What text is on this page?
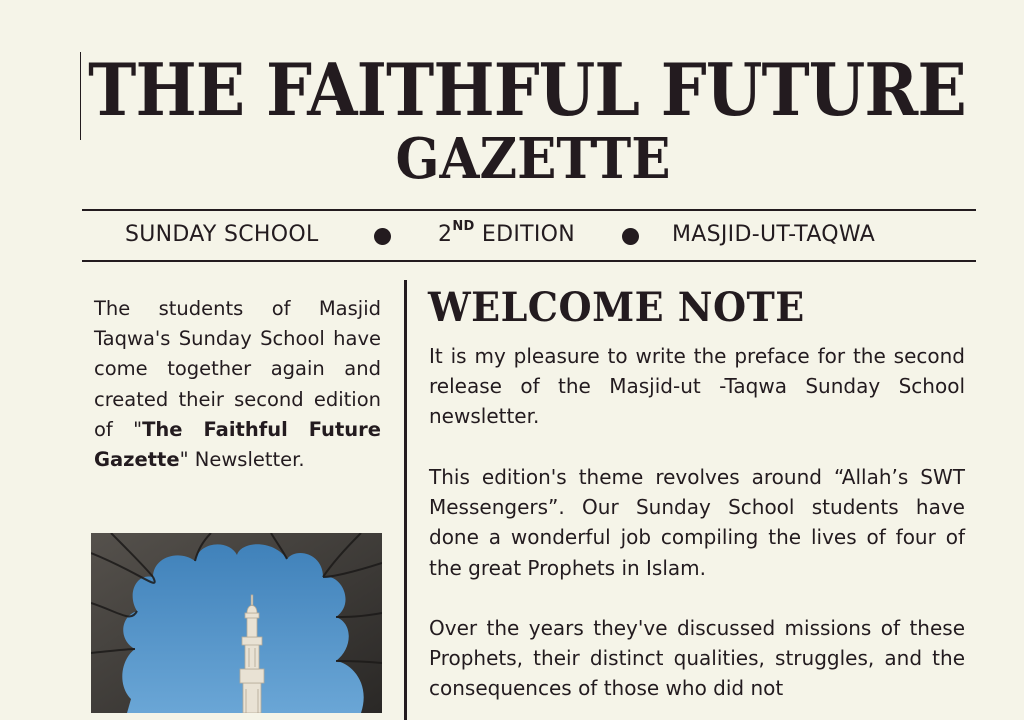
THE FAITHFUL FUTURE
GAZETTE
SUNDAY SCHOOL	2ND EDITION	MASJID-UT-TAQWA

The students of Masjid Taqwa's Sunday School have come together again and created their second edition of "The Faithful Future Gazette" Newsletter.

WELCOME NOTE

It is my pleasure to write the preface for the second release of the Masjid-ut -Taqwa Sunday School newsletter.

This edition's theme revolves around “Allah’s SWT Messengers”. Our Sunday School students have done a wonderful job compiling the lives of four of the great Prophets in Islam.

Over the years they've discussed missions of these Prophets, their distinct qualities, struggles, and the consequences of those who did not
